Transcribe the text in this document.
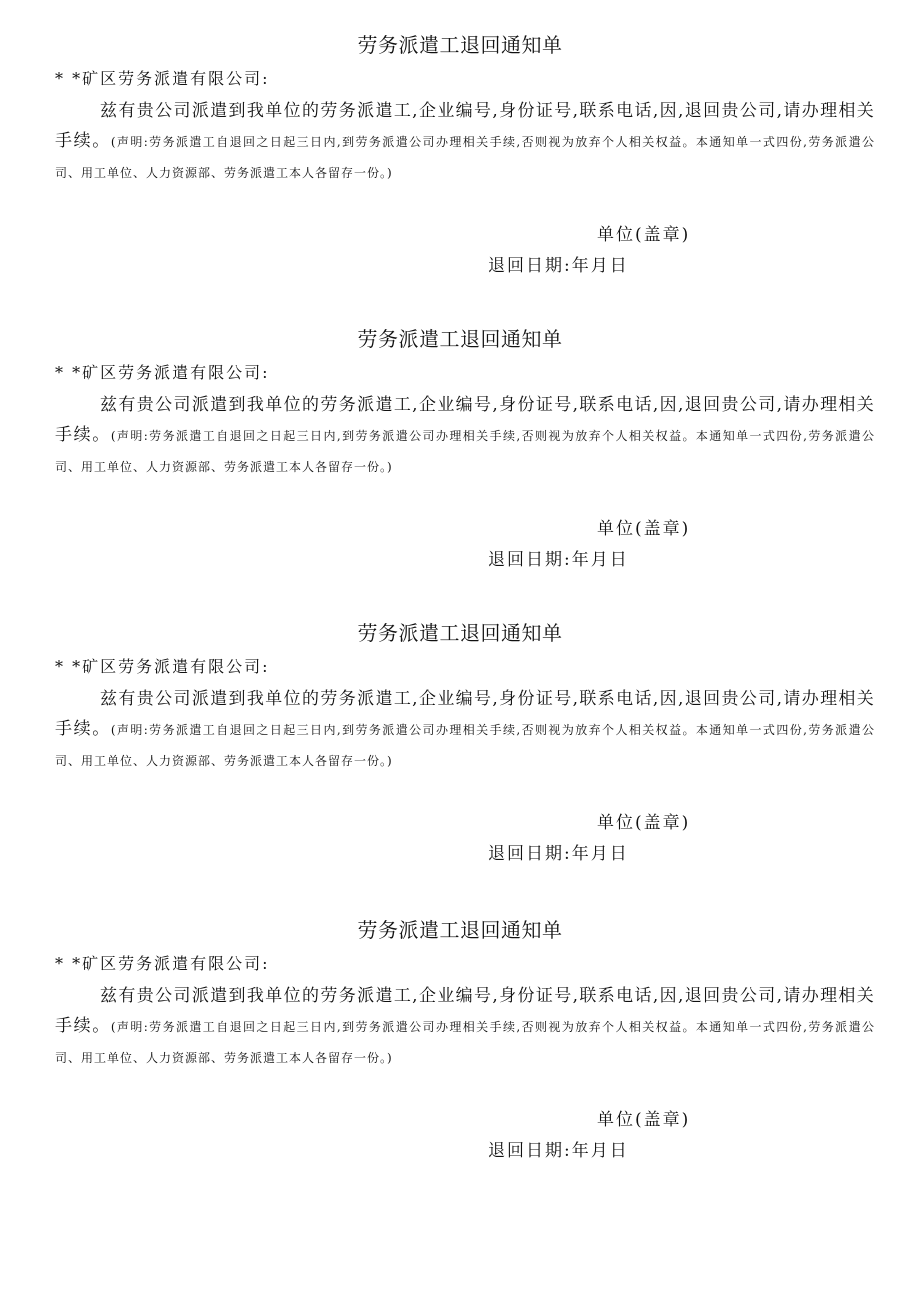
劳务派遣工退回通知单
* *矿区劳务派遣有限公司:
兹有贵公司派遣到我单位的劳务派遣工,企业编号,身份证号,联系电话,因,退回贵公司,请办理相关手续。(声明:劳务派遣工自退回之日起三日内,到劳务派遣公司办理相关手续,否则视为放弃个人相关权益。本通知单一式四份,劳务派遣公司、用工单位、人力资源部、劳务派遣工本人各留存一份。)
单位(盖章)
退回日期:年月日
劳务派遣工退回通知单
* *矿区劳务派遣有限公司:
兹有贵公司派遣到我单位的劳务派遣工,企业编号,身份证号,联系电话,因,退回贵公司,请办理相关手续。(声明:劳务派遣工自退回之日起三日内,到劳务派遣公司办理相关手续,否则视为放弃个人相关权益。本通知单一式四份,劳务派遣公司、用工单位、人力资源部、劳务派遣工本人各留存一份。)
单位(盖章)
退回日期:年月日
劳务派遣工退回通知单
* *矿区劳务派遣有限公司:
兹有贵公司派遣到我单位的劳务派遣工,企业编号,身份证号,联系电话,因,退回贵公司,请办理相关手续。(声明:劳务派遣工自退回之日起三日内,到劳务派遣公司办理相关手续,否则视为放弃个人相关权益。本通知单一式四份,劳务派遣公司、用工单位、人力资源部、劳务派遣工本人各留存一份。)
单位(盖章)
退回日期:年月日
劳务派遣工退回通知单
* *矿区劳务派遣有限公司:
兹有贵公司派遣到我单位的劳务派遣工,企业编号,身份证号,联系电话,因,退回贵公司,请办理相关手续。(声明:劳务派遣工自退回之日起三日内,到劳务派遣公司办理相关手续,否则视为放弃个人相关权益。本通知单一式四份,劳务派遣公司、用工单位、人力资源部、劳务派遣工本人各留存一份。)
单位(盖章)
退回日期:年月日
